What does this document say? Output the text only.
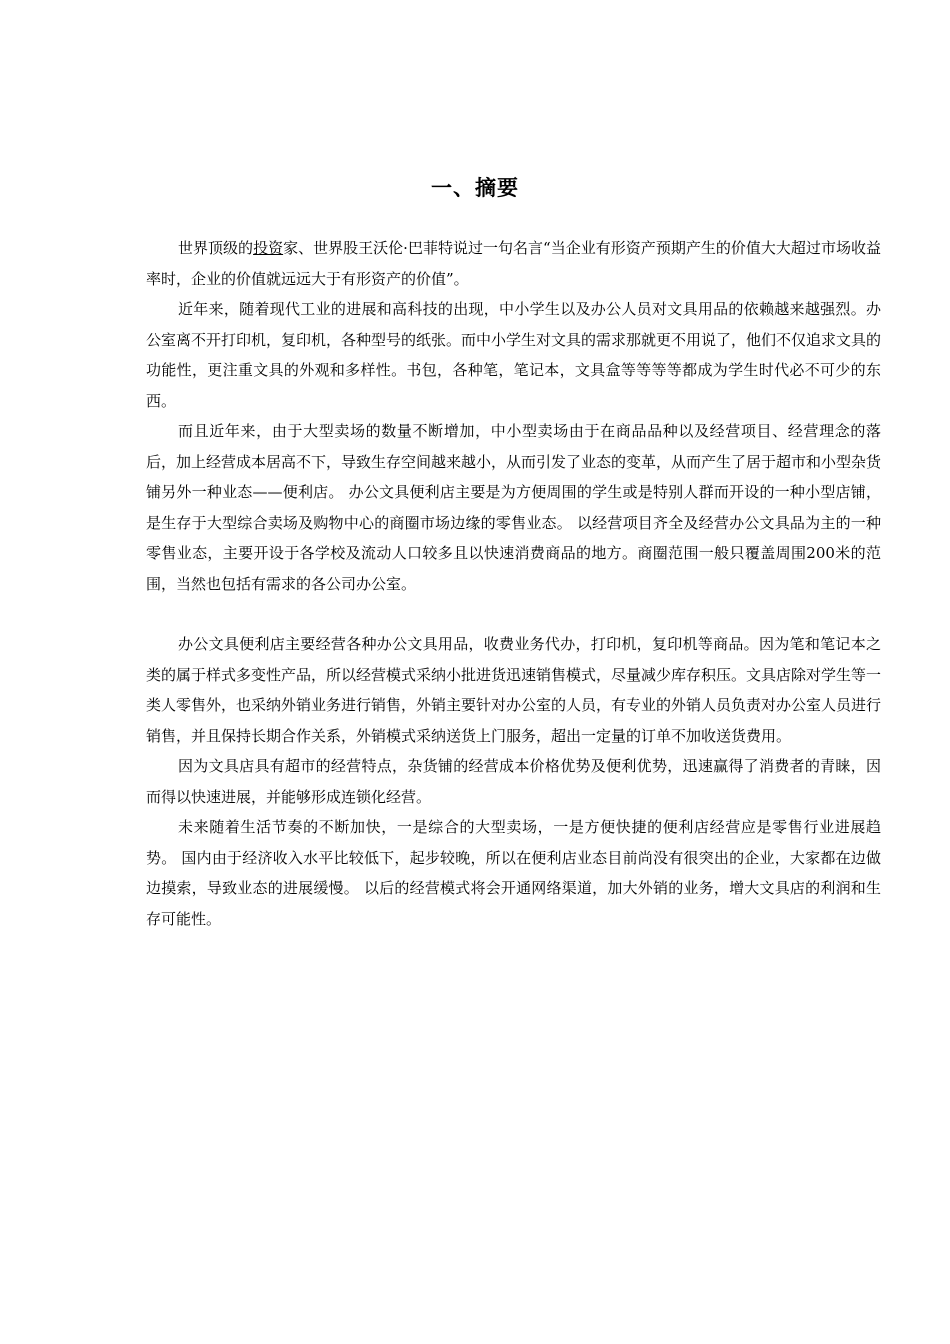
一、摘要

世界顶级的投资家、世界股王沃伦·巴菲特说过一句名言“当企业有形资产预期产生的价值大大超过市场收益率时，企业的价值就远远大于有形资产的价值”。

近年来，随着现代工业的进展和高科技的出现，中小学生以及办公人员对文具用品的依赖越来越强烈。办公室离不开打印机，复印机，各种型号的纸张。而中小学生对文具的需求那就更不用说了，他们不仅追求文具的功能性，更注重文具的外观和多样性。书包，各种笔，笔记本，文具盒等等等等都成为学生时代必不可少的东西。

而且近年来，由于大型卖场的数量不断增加，中小型卖场由于在商品品种以及经营项目、经营理念的落后，加上经营成本居高不下，导致生存空间越来越小，从而引发了业态的变革，从而产生了居于超市和小型杂货铺另外一种业态——便利店。 办公文具便利店主要是为方便周围的学生或是特别人群而开设的一种小型店铺，是生存于大型综合卖场及购物中心的商圈市场边缘的零售业态。 以经营项目齐全及经营办公文具品为主的一种零售业态，主要开设于各学校及流动人口较多且以快速消费商品的地方。商圈范围一般只覆盖周围200米的范围，当然也包括有需求的各公司办公室。

办公文具便利店主要经营各种办公文具用品，收费业务代办，打印机，复印机等商品。因为笔和笔记本之类的属于样式多变性产品，所以经营模式采纳小批进货迅速销售模式，尽量减少库存积压。文具店除对学生等一类人零售外，也采纳外销业务进行销售，外销主要针对办公室的人员，有专业的外销人员负责对办公室人员进行销售，并且保持长期合作关系，外销模式采纳送货上门服务，超出一定量的订单不加收送货费用。

因为文具店具有超市的经营特点，杂货铺的经营成本价格优势及便利优势，迅速赢得了消费者的青睐，因而得以快速进展，并能够形成连锁化经营。

未来随着生活节奏的不断加快，一是综合的大型卖场，一是方便快捷的便利店经营应是零售行业进展趋势。 国内由于经济收入水平比较低下，起步较晚，所以在便利店业态目前尚没有很突出的企业，大家都在边做边摸索，导致业态的进展缓慢。 以后的经营模式将会开通网络渠道，加大外销的业务，增大文具店的利润和生存可能性。
